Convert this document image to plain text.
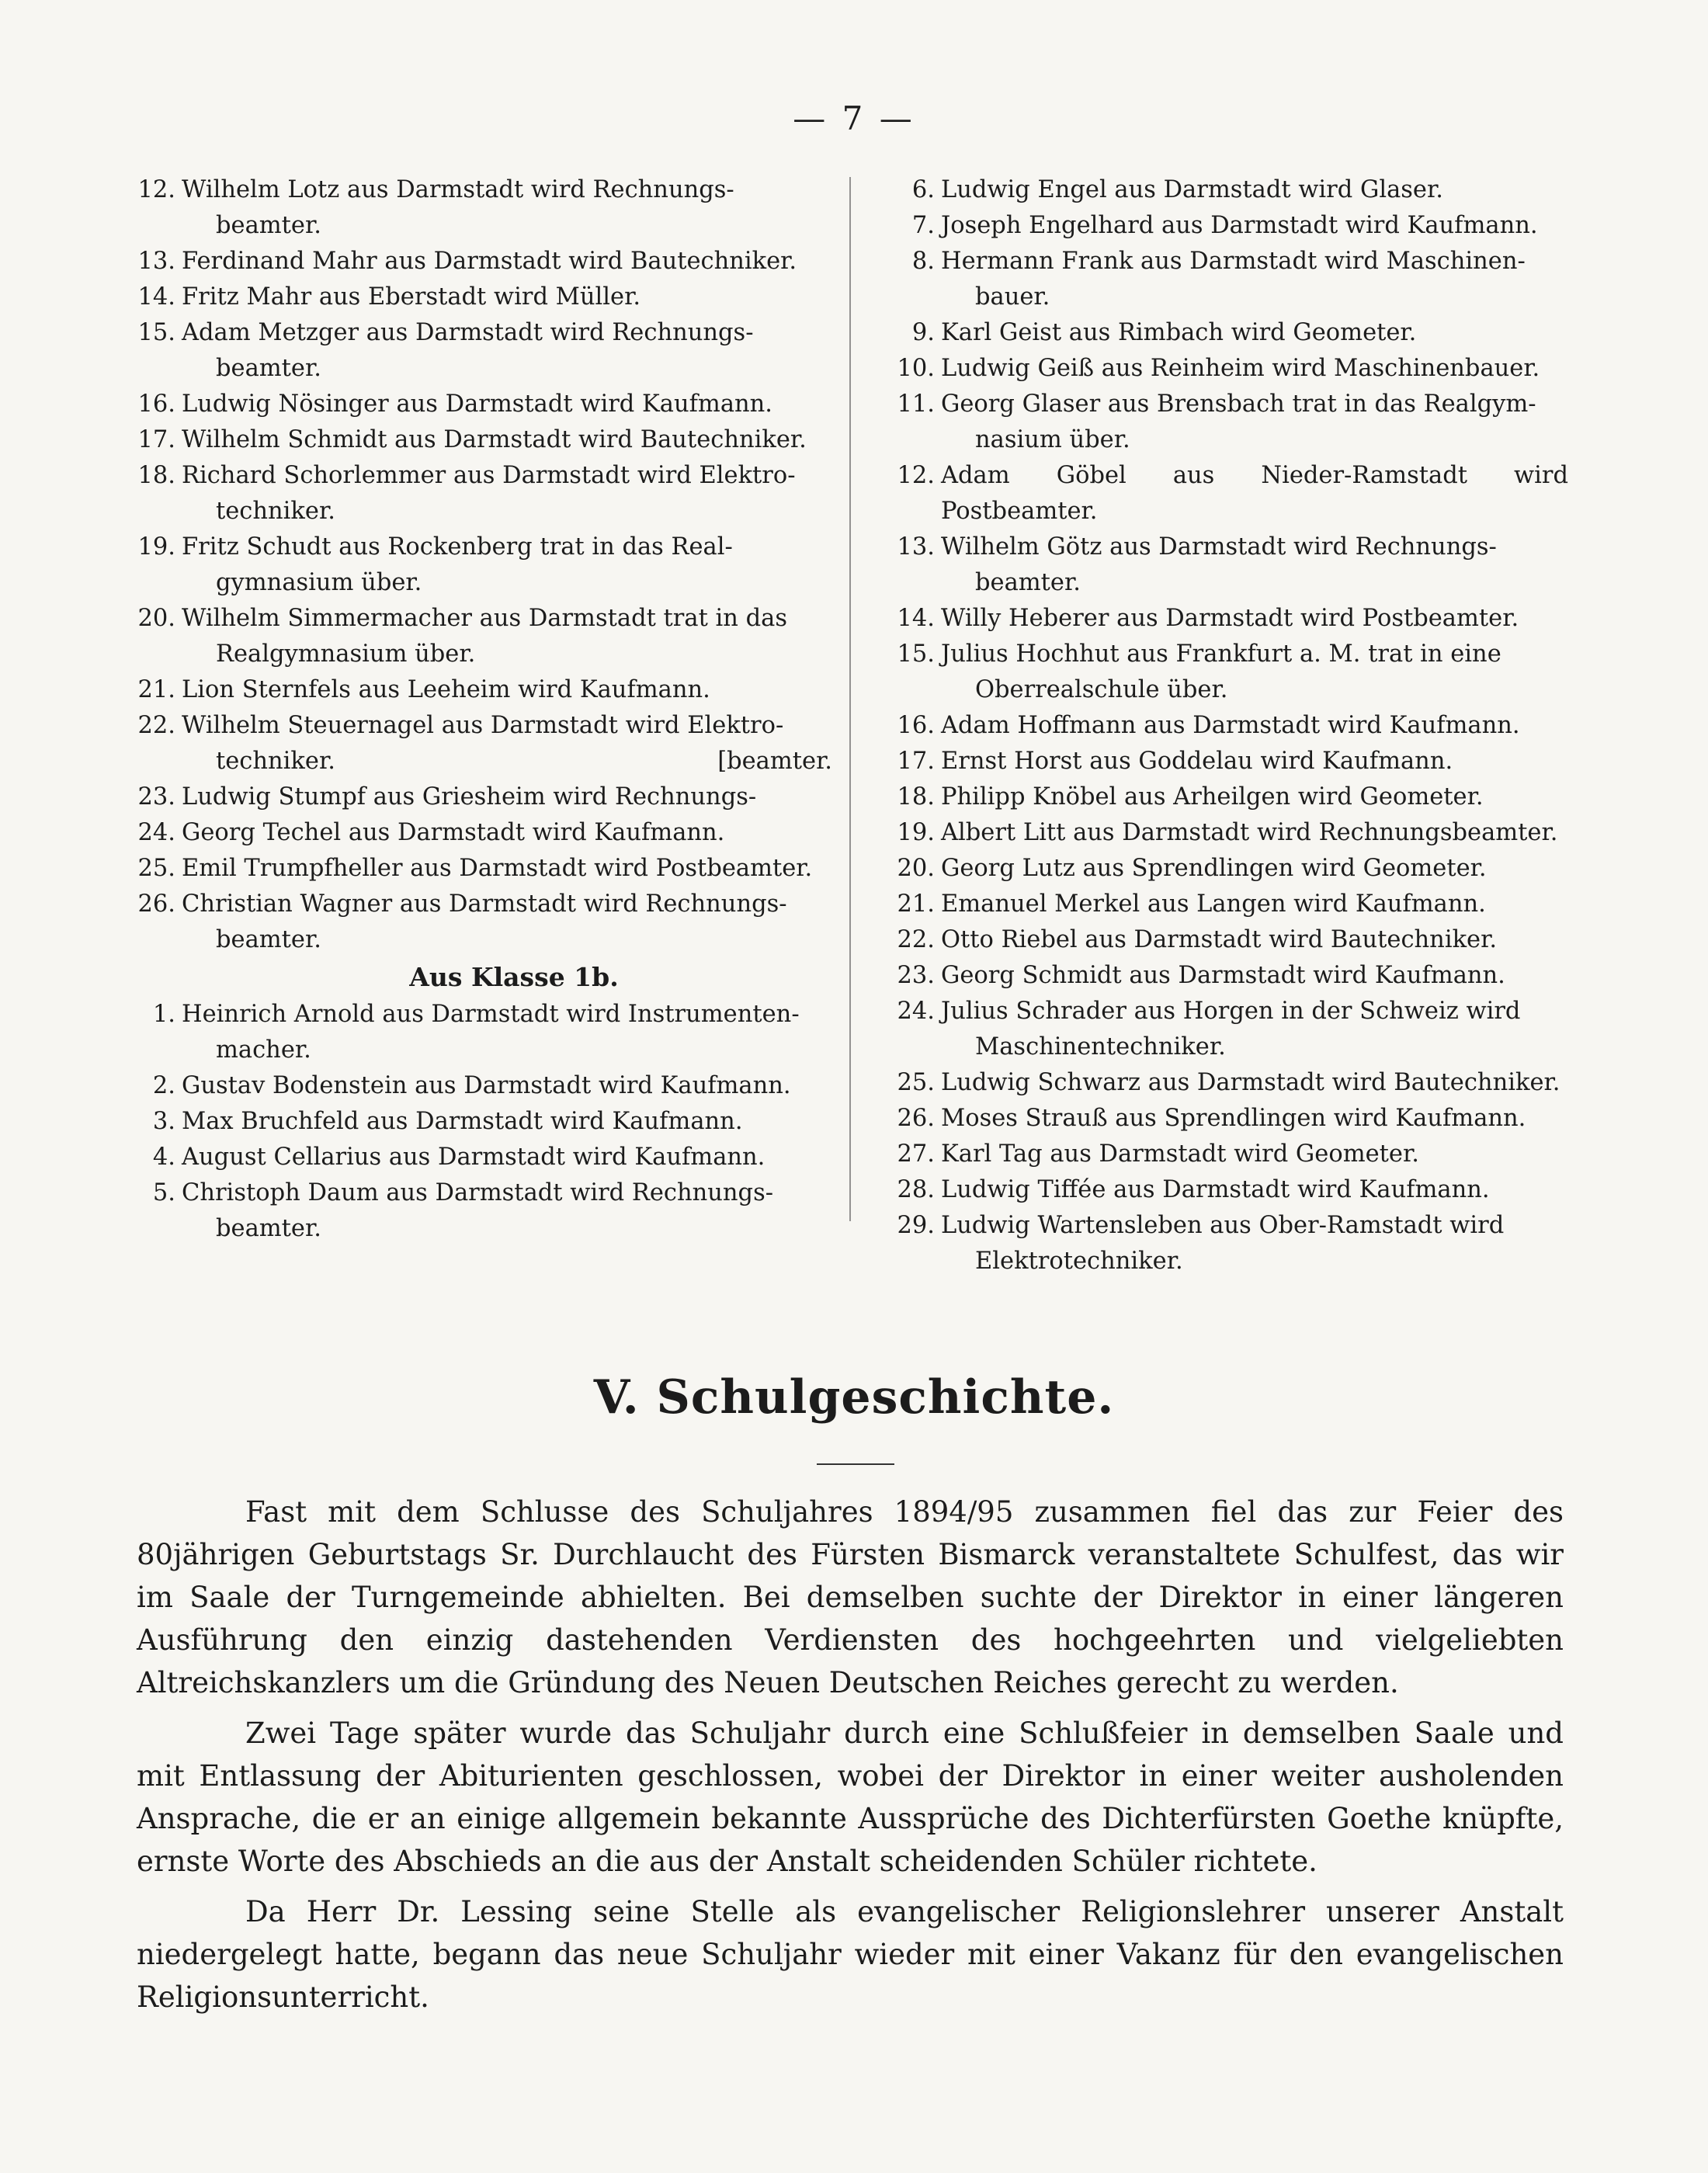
— 7 —
12. Wilhelm Lotz aus Darmstadt wird Rechnungs-
beamter.
13. Ferdinand Mahr aus Darmstadt wird Bautechniker.
14. Fritz Mahr aus Eberstadt wird Müller.
15. Adam Metzger aus Darmstadt wird Rechnungs-
beamter.
16. Ludwig Nösinger aus Darmstadt wird Kaufmann.
17. Wilhelm Schmidt aus Darmstadt wird Bautechniker.
18. Richard Schorlemmer aus Darmstadt wird Elektro-
techniker.
19. Fritz Schudt aus Rockenberg trat in das Real-
gymnasium über.
20. Wilhelm Simmermacher aus Darmstadt trat in das
Realgymnasium über.
21. Lion Sternfels aus Leeheim wird Kaufmann.
22. Wilhelm Steuernagel aus Darmstadt wird Elektro-
techniker.	[beamter.
23. Ludwig Stumpf aus Griesheim wird Rechnungs-
24. Georg Techel aus Darmstadt wird Kaufmann.
25. Emil Trumpfheller aus Darmstadt wird Postbeamter.
26. Christian Wagner aus Darmstadt wird Rechnungs-
beamter.
Aus Klasse 1b.
1. Heinrich Arnold aus Darmstadt wird Instrumenten-
macher.
2. Gustav Bodenstein aus Darmstadt wird Kaufmann.
3. Max Bruchfeld aus Darmstadt wird Kaufmann.
4. August Cellarius aus Darmstadt wird Kaufmann.
5. Christoph Daum aus Darmstadt wird Rechnungs-
beamter.
6. Ludwig Engel aus Darmstadt wird Glaser.
7. Joseph Engelhard aus Darmstadt wird Kaufmann.
8. Hermann Frank aus Darmstadt wird Maschinen-
bauer.
9. Karl Geist aus Rimbach wird Geometer.
10. Ludwig Geiß aus Reinheim wird Maschinenbauer.
11. Georg Glaser aus Brensbach trat in das Realgym-
nasium über.
12. Adam Göbel aus Nieder-Ramstadt wird Postbeamter.
13. Wilhelm Götz aus Darmstadt wird Rechnungs-
beamter.
14. Willy Heberer aus Darmstadt wird Postbeamter.
15. Julius Hochhut aus Frankfurt a. M. trat in eine
Oberrealschule über.
16. Adam Hoffmann aus Darmstadt wird Kaufmann.
17. Ernst Horst aus Goddelau wird Kaufmann.
18. Philipp Knöbel aus Arheilgen wird Geometer.
19. Albert Litt aus Darmstadt wird Rechnungsbeamter.
20. Georg Lutz aus Sprendlingen wird Geometer.
21. Emanuel Merkel aus Langen wird Kaufmann.
22. Otto Riebel aus Darmstadt wird Bautechniker.
23. Georg Schmidt aus Darmstadt wird Kaufmann.
24. Julius Schrader aus Horgen in der Schweiz wird
Maschinentechniker.
25. Ludwig Schwarz aus Darmstadt wird Bautechniker.
26. Moses Strauß aus Sprendlingen wird Kaufmann.
27. Karl Tag aus Darmstadt wird Geometer.
28. Ludwig Tiffée aus Darmstadt wird Kaufmann.
29. Ludwig Wartensleben aus Ober-Ramstadt wird
Elektrotechniker.
V. Schulgeschichte.

Fast mit dem Schlusse des Schuljahres 1894/95 zusammen fiel das zur Feier des 80jährigen Geburtstags Sr. Durchlaucht des Fürsten Bismarck veranstaltete Schulfest, das wir im Saale der Turngemeinde abhielten. Bei demselben suchte der Direktor in einer längeren Ausführung den einzig dastehenden Verdiensten des hochgeehrten und vielgeliebten Altreichskanzlers um die Gründung des Neuen Deutschen Reiches gerecht zu werden.

Zwei Tage später wurde das Schuljahr durch eine Schlußfeier in demselben Saale und mit Entlassung der Abiturienten geschlossen, wobei der Direktor in einer weiter ausholenden Ansprache, die er an einige allgemein bekannte Aussprüche des Dichterfürsten Goethe knüpfte, ernste Worte des Abschieds an die aus der Anstalt scheidenden Schüler richtete.

Da Herr Dr. Lessing seine Stelle als evangelischer Religionslehrer unserer Anstalt niedergelegt hatte, begann das neue Schuljahr wieder mit einer Vakanz für den evangelischen Religionsunterricht.
